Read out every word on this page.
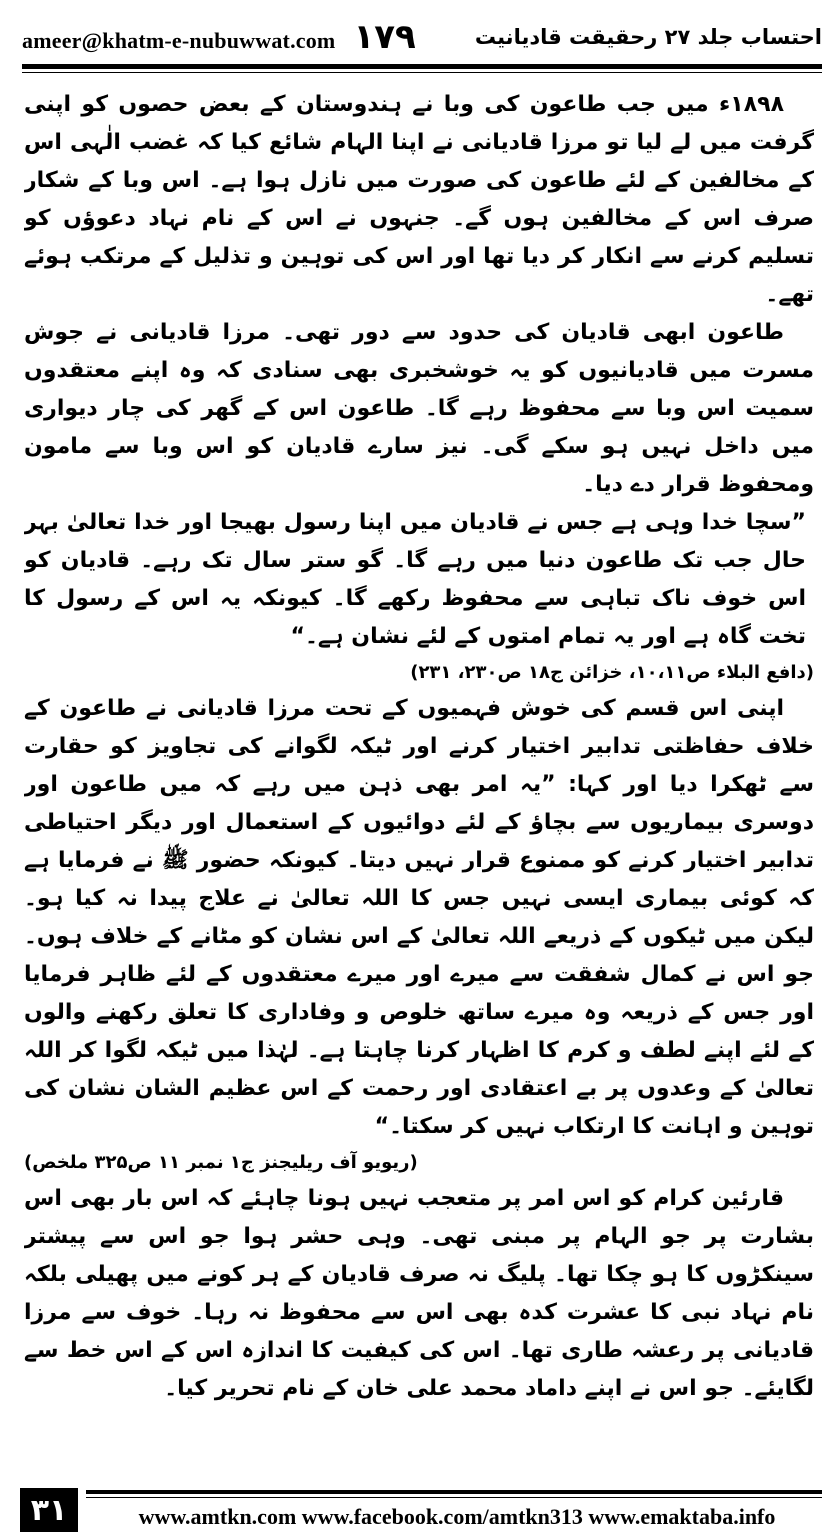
ameer@khatm-e-nubuwwat.com ۱۷۹	احتساب جلد ۲۷ رحقیقت قادیانیت

۱۸۹۸ء میں جب طاعون کی وبا نے ہندوستان کے بعض حصوں کو اپنی گرفت میں لے لیا تو مرزا قادیانی نے اپنا الہام شائع کیا کہ غضب الٰہی اس کے مخالفین کے لئے طاعون کی صورت میں نازل ہوا ہے۔ اس وبا کے شکار صرف اس کے مخالفین ہوں گے۔ جنہوں نے اس کے نام نہاد دعوؤں کو تسلیم کرنے سے انکار کر دیا تھا اور اس کی توہین و تذلیل کے مرتکب ہوئے تھے۔

طاعون ابھی قادیان کی حدود سے دور تھی۔ مرزا قادیانی نے جوش مسرت میں قادیانیوں کو یہ خوشخبری بھی سنادی کہ وہ اپنے معتقدوں سمیت اس وبا سے محفوظ رہے گا۔ طاعون اس کے گھر کی چار دیواری میں داخل نہیں ہو سکے گی۔ نیز سارے قادیان کو اس وبا سے مامون ومحفوظ قرار دے دیا۔

”سچا خدا وہی ہے جس نے قادیان میں اپنا رسول بھیجا اور خدا تعالیٰ بہر حال جب تک طاعون دنیا میں رہے گا۔ گو ستر سال تک رہے۔ قادیان کو اس خوف ناک تباہی سے محفوظ رکھے گا۔ کیونکہ یہ اس کے رسول کا تخت گاہ ہے اور یہ تمام امتوں کے لئے نشان ہے۔“

(دافع البلاء ص۱۰،۱۱، خزائن ج۱۸ ص۲۳۰، ۲۳۱)

اپنی اس قسم کی خوش فہمیوں کے تحت مرزا قادیانی نے طاعون کے خلاف حفاظتی تدابیر اختیار کرنے اور ٹیکہ لگوانے کی تجاویز کو حقارت سے ٹھکرا دیا اور کہا: ”یہ امر بھی ذہن میں رہے کہ میں طاعون اور دوسری بیماریوں سے بچاؤ کے لئے دوائیوں کے استعمال اور دیگر احتیاطی تدابیر اختیار کرنے کو ممنوع قرار نہیں دیتا۔ کیونکہ حضور ﷺ نے فرمایا ہے کہ کوئی بیماری ایسی نہیں جس کا اللہ تعالیٰ نے علاج پیدا نہ کیا ہو۔ لیکن میں ٹیکوں کے ذریعے اللہ تعالیٰ کے اس نشان کو مٹانے کے خلاف ہوں۔ جو اس نے کمال شفقت سے میرے اور میرے معتقدوں کے لئے ظاہر فرمایا اور جس کے ذریعہ وہ میرے ساتھ خلوص و وفاداری کا تعلق رکھنے والوں کے لئے اپنے لطف و کرم کا اظہار کرنا چاہتا ہے۔ لہٰذا میں ٹیکہ لگوا کر اللہ تعالیٰ کے وعدوں پر بے اعتقادی اور رحمت کے اس عظیم الشان نشان کی توہین و اہانت کا ارتکاب نہیں کر سکتا۔“

(ریویو آف ریلیجنز ج۱ نمبر ۱۱ ص۳۲۵ ملخص)

قارئین کرام کو اس امر پر متعجب نہیں ہونا چاہئے کہ اس بار بھی اس بشارت پر جو الہام پر مبنی تھی۔ وہی حشر ہوا جو اس سے پیشتر سینکڑوں کا ہو چکا تھا۔ پلیگ نہ صرف قادیان کے ہر کونے میں پھیلی بلکہ نام نہاد نبی کا عشرت کدہ بھی اس سے محفوظ نہ رہا۔ خوف سے مرزا قادیانی پر رعشہ طاری تھا۔ اس کی کیفیت کا اندازہ اس کے اس خط سے لگایئے۔ جو اس نے اپنے داماد محمد علی خان کے نام تحریر کیا۔

۳۱	www.amtkn.com www.facebook.com/amtkn313 www.emaktaba.info
